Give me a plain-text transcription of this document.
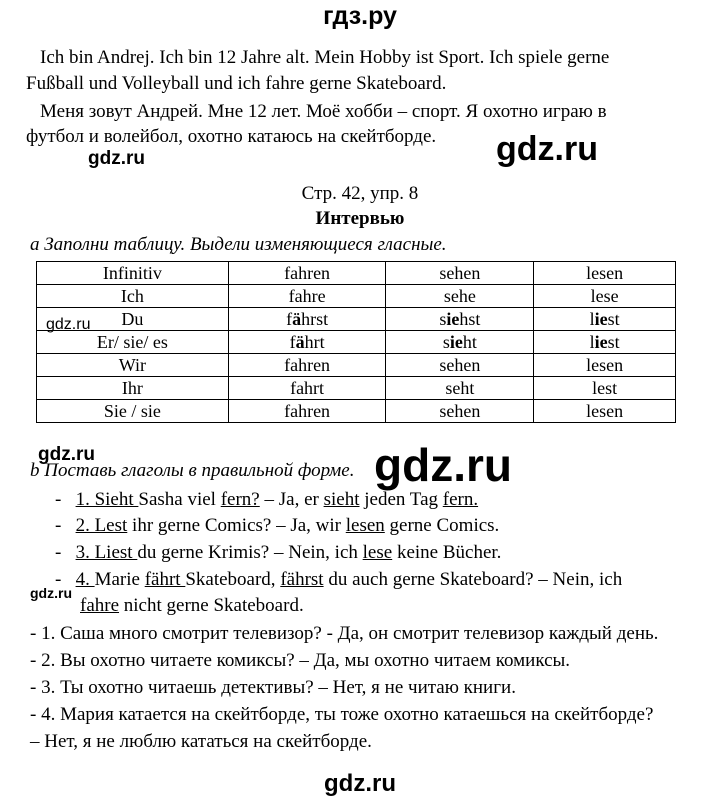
гдз.ру
gdz.ru
gdz.ru
gdz.ru
gdz.ru	gdz.ru
gdz.ru
gdz.ru
Ich bin Andrej. Ich bin 12 Jahre alt. Mein Hobby ist Sport. Ich spiele gerne
Fußball und Volleyball und ich fahre gerne Skateboard.
Меня зовут Андрей. Мне 12 лет. Моё хобби – спорт. Я охотно играю в
футбол и волейбол, охотно катаюсь на скейтборде.
Стр. 42, упр. 8
Интервью
a Заполни таблицу. Выдели изменяющиеся гласные.
Infinitiv	fahren	sehen	lesen
Ich	fahre	sehe	lese
Du	fährst	siehst	liest
Er/ sie/ es	fährt	sieht	liest
Wir	fahren	sehen	lesen
Ihr	fahrt	seht	lest
Sie / sie	fahren	sehen	lesen
b Поставь глаголы в правильной форме.
- 1. Sieht Sasha viel fern? – Ja, er sieht jeden Tag fern.
- 2. Lest ihr gerne Comics? – Ja, wir lesen gerne Comics.
- 3. Liest du gerne Krimis? – Nein, ich lese keine Bücher.
- 4. Marie fährt Skateboard, fährst du auch gerne Skateboard? – Nein, ich
fahre nicht gerne Skateboard.
- 1. Саша много смотрит телевизор? - Да, он смотрит телевизор каждый день.
- 2. Вы охотно читаете комиксы? – Да, мы охотно читаем комиксы.
- 3. Ты охотно читаешь детективы? – Нет, я не читаю книги.
- 4. Мария катается на скейтборде, ты тоже охотно катаешься на скейтборде?
– Нет, я не люблю кататься на скейтборде.
